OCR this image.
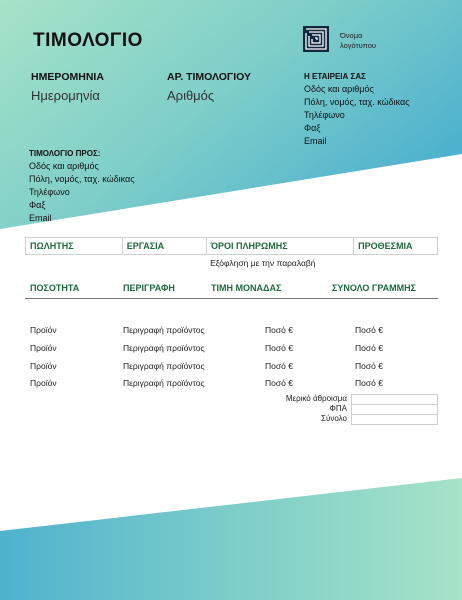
ΤΙΜΟΛΟΓΙΟ
ΗΜΕΡΟΜΗΝΙΑ
Ημερομηνία
ΑΡ. ΤΙΜΟΛΟΓΙΟΥ
Αριθμός
Όνομα λογότυπου
Η ΕΤΑΙΡΕΙΑ ΣΑΣ
Οδός και αριθμός
Πόλη, νομός, ταχ. κώδικας
Τηλέφωνο
Φαξ
Email
ΤΙΜΟΛΟΓΙΟ ΠΡΟΣ:
Οδός και αριθμός
Πόλη, νομός, ταχ. κώδικας
Τηλέφωνο
Φαξ
Email
ΠΩΛΗΤΗΣ	ΕΡΓΑΣΙΑ	ΌΡΟΙ ΠΛΗΡΩΜΗΣ	ΠΡΟΘΕΣΜΙΑ
		Εξόφληση με την παραλαβή	
ΠΟΣΟΤΗΤΑ	ΠΕΡΙΓΡΑΦΗ	ΤΙΜΗ ΜΟΝΑΔΑΣ	ΣΥΝΟΛΟ ΓΡΑΜΜΗΣ
Προϊόν	Περιγραφή προϊόντος	Ποσό €	Ποσό €
Προϊόν	Περιγραφή προϊόντος	Ποσό €	Ποσό €
Προϊόν	Περιγραφή προϊόντος	Ποσό €	Ποσό €
Προϊόν	Περιγραφή προϊόντος	Ποσό €	Ποσό €
Μερικό άθροισμα
ΦΠΑ
Σύνολο
